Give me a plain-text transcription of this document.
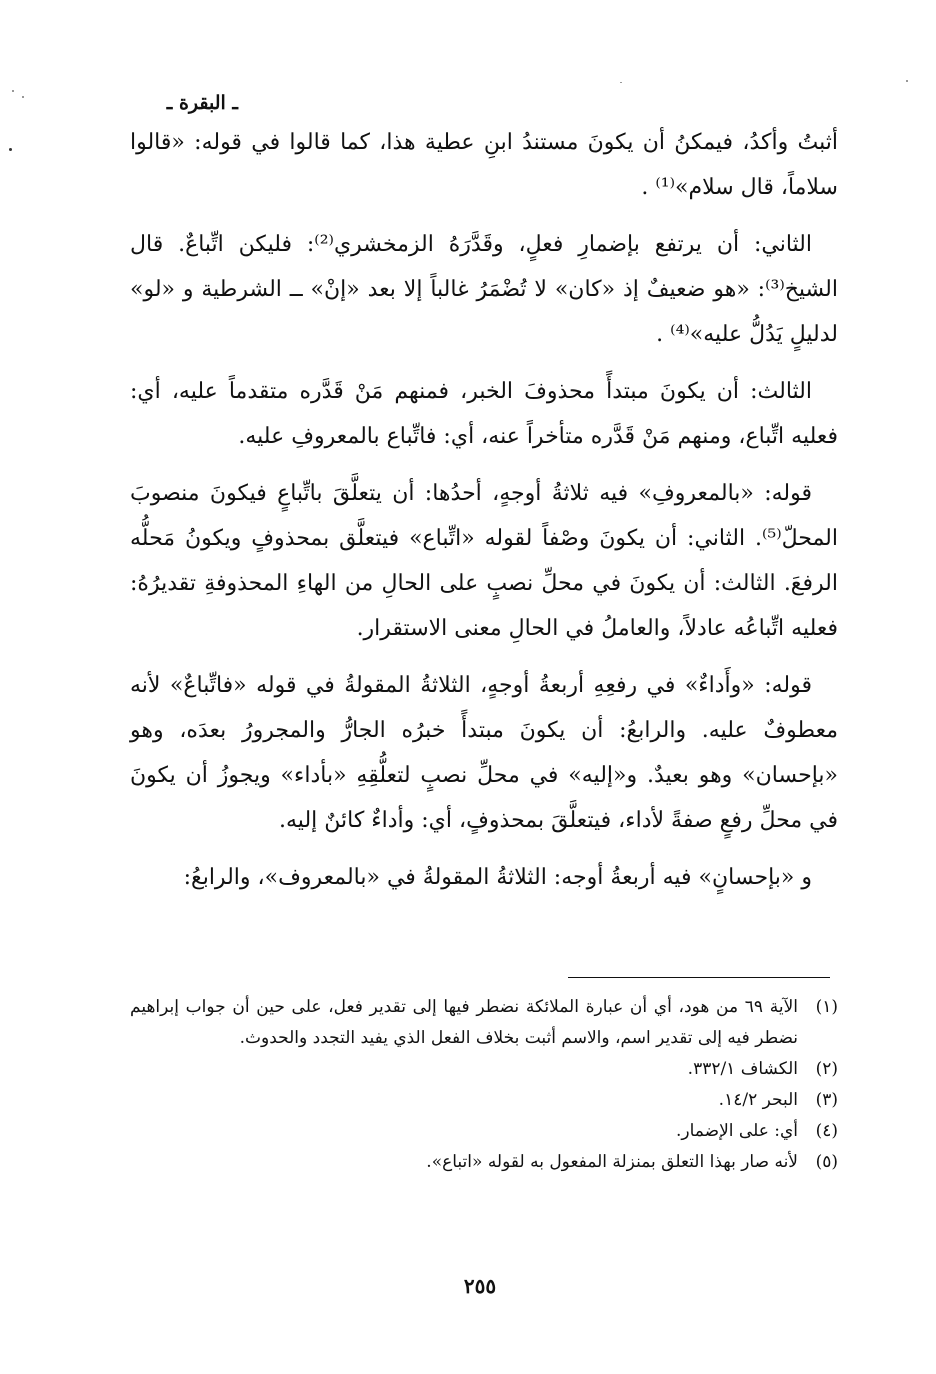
ـ البقرة ـ

أثبتُ وأكدُ، فيمكنُ أن يكونَ مستندُ ابنِ عطية هذا، كما قالوا في قوله: «قالوا سلاماً، قال سلام»⁽¹⁾ .

الثاني: أن يرتفع بإضمارِ فعلٍ، وقَدَّرَهُ الزمخشري⁽²⁾: فليكن اتِّباعٌ. قال الشيخ⁽³⁾: «هو ضعيفٌ إذ «كان» لا تُضْمَرُ غالباً إلا بعد «إنْ» ــ الشرطية و «لو» لدليلٍ يَدُلُّ عليه»⁽⁴⁾ .

الثالث: أن يكونَ مبتدأً محذوفَ الخبر، فمنهم مَنْ قَدَّره متقدماً عليه، أي: فعليه اتِّباع، ومنهم مَنْ قَدَّره متأخراً عنه، أي: فاتِّباع بالمعروفِ عليه.

قوله: «بالمعروفِ» فيه ثلاثةُ أوجهٍ، أحدُها: أن يتعلَّقَ باتِّباعٍ فيكونَ منصوبَ المحلّ⁽⁵⁾. الثاني: أن يكونَ وصْفاً لقوله «اتِّباع» فيتعلَّق بمحذوفٍ ويكونُ مَحلُّه الرفعَ. الثالث: أن يكونَ في محلِّ نصبٍ على الحالِ من الهاءِ المحذوفةِ تقديرُهُ: فعليه اتِّباعُه عادلاً، والعاملُ في الحالِ معنى الاستقرار.

قوله: «وأَداءٌ» في رفعِهِ أربعةُ أوجهٍ، الثلاثةُ المقولةُ في قوله «فاتِّباعٌ» لأنه معطوفٌ عليه. والرابعُ: أن يكونَ مبتدأً خبرُه الجارُّ والمجرورُ بعدَه، وهو «بإحسان» وهو بعيدٌ. و«إليه» في محلِّ نصبٍ لتعلُّقِهِ «بأداء» ويجوزُ أن يكونَ في محلِّ رفعٍ صفةً لأداء، فيتعلَّقَ بمحذوفٍ، أي: وأداءٌ كائنٌ إليه.

و «بإحسانٍ» فيه أربعةُ أوجه: الثلاثةُ المقولةُ في «بالمعروف»، والرابعُ:

(١)
الآية ٦٩ من هود، أي أن عبارة الملائكة نضطر فيها إلى تقدير فعل، على حين أن جواب إبراهيم نضطر فيه إلى تقدير اسم، والاسم أثبت بخلاف الفعل الذي يفيد التجدد والحدوث.
(٢)
الكشاف ٣٣٢/١.
(٣)
البحر ١٤/٢.
(٤)
أي: على الإضمار.
(٥)
لأنه صار بهذا التعلق بمنزلة المفعول به لقوله «اتباع».
٢٥٥
